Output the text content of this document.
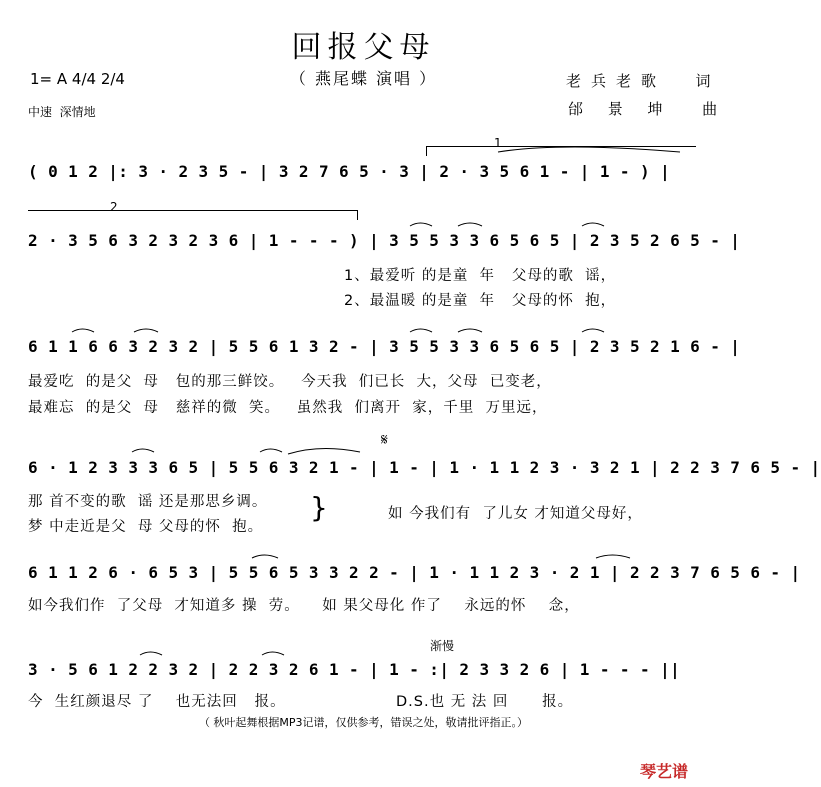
回报父母
（ 燕尾蝶 演唱 ）
1= A 4/4 2/4
中速  深情地
老兵老歌  词
邰 景 坤  曲
1
2
( 0 1 2 |: 3 · 2 3 5 - | 3 2 7 6 5 · 3 | 2 · 3 5 6 1 - | 1 - ) |
2 · 3 5 6 3 2 3 2 3 6 | 1 - - - ) | 3 5 5 3 3 6 5 6 5 | 2 3 5 2 6 5 - |
1、最爱听 的是童  年   父母的歌  谣，
2、最温暖 的是童  年   父母的怀  抱，
6 1 1 6 6 3 2 3 2 | 5 5 6 1 3 2 - | 3 5 5 3 3 6 5 6 5 | 2 3 5 2 1 6 - |
最爱吃  的是父  母   包的那三鲜饺。   今天我  们已长  大，父母  已变老，
最难忘  的是父  母   慈祥的微  笑。   虽然我  们离开  家，千里  万里远，
𝄋
6 · 1 2 3 3 3 6 5 | 5 5 6 3 2 1 - | 1 - | 1 · 1 1 2 3 · 3 2 1 | 2 2 3 7 6 5 - |
那 首不变的歌  谣 还是那思乡调。
梦 中走近是父  母 父母的怀  抱。
}	如 今我们有  了儿女 才知道父母好，
6 1 1 2 6 · 6 5 3 | 5 5 6 5 3 3 2 2 - | 1 · 1 1 2 3 · 2 1 | 2 2 3 7 6 5 6 - |
如今我们作  了父母  才知道多 操  劳。    如 果父母化 作了    永远的怀    念，
渐慢
3 · 5 6 1 2 2 3 2 | 2 2 3 2 6 1 - | 1 - :| 2 3 3 2 6 | 1 - - - ||
今  生红颜退尽 了    也无法回   报。	D.S.也 无 法 回      报。
（ 秋叶起舞根据MP3记谱，仅供参考，错误之处，敬请批评指正。）
琴艺谱
